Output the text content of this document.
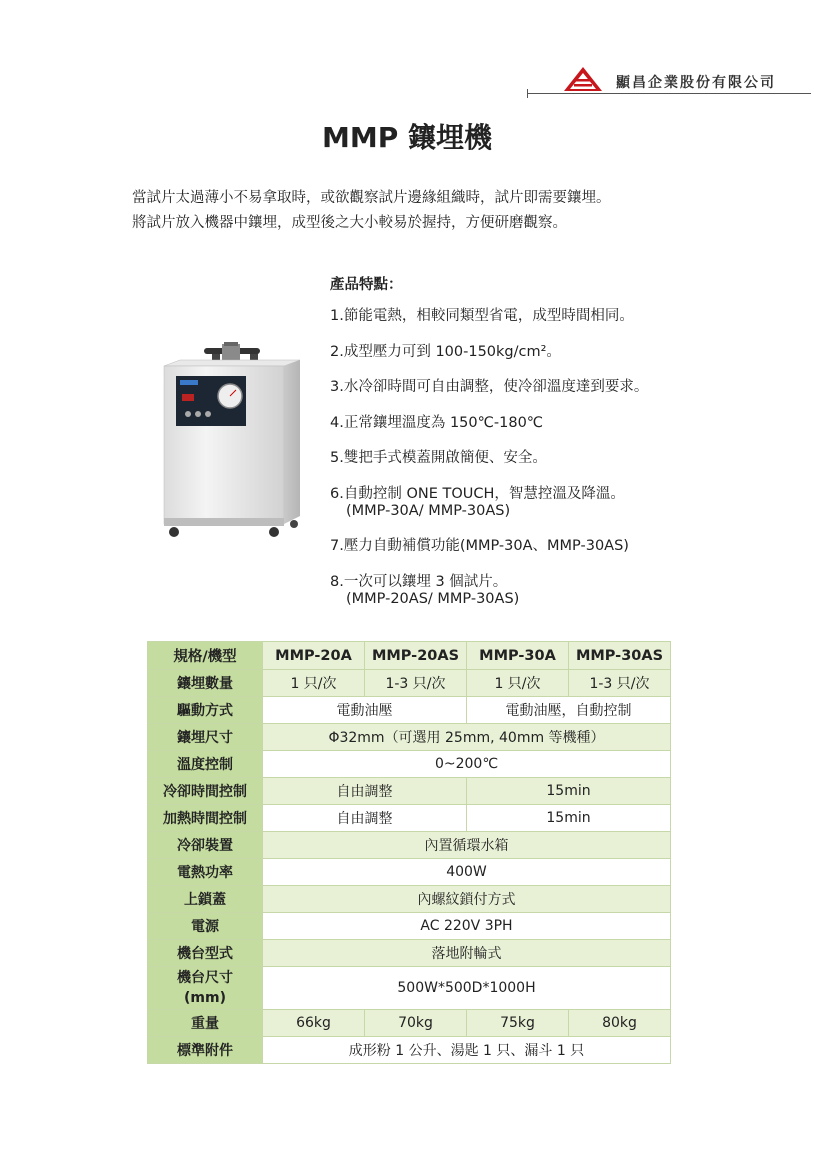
顯昌企業股份有限公司
MMP 鑲埋機
當試片太過薄小不易拿取時，或欲觀察試片邊緣組織時，試片即需要鑲埋。
將試片放入機器中鑲埋，成型後之大小較易於握持，方便研磨觀察。
產品特點：
1.節能電熱，相較同類型省電，成型時間相同。
2.成型壓力可到 100-150kg/cm²。
3.水冷卻時間可自由調整，使冷卻溫度達到要求。
4.正常鑲埋溫度為 150℃-180℃
5.雙把手式模蓋開啟簡便、安全。
6.自動控制 ONE TOUCH，智慧控溫及降溫。
(MMP-30A/ MMP-30AS)
7.壓力自動補償功能(MMP-30A、MMP-30AS)
8.一次可以鑲埋 3 個試片。
(MMP-20AS/ MMP-30AS)
規格/機型	MMP-20A	MMP-20AS	MMP-30A	MMP-30AS
鑲埋數量	1 只/次	1-3 只/次	1 只/次	1-3 只/次
驅動方式	電動油壓		電動油壓，自動控制	
鑲埋尺寸	Φ32mm（可選用 25mm, 40mm 等機種）			
溫度控制	0~200℃			
冷卻時間控制	自由調整		15min	
加熱時間控制	自由調整		15min	
冷卻裝置	內置循環水箱			
電熱功率	400W			
上鎖蓋	內螺紋鎖付方式			
電源	AC 220V 3PH			
機台型式	落地附輪式			
機台尺寸
(mm)	500W*500D*1000H			
重量	66kg	70kg	75kg	80kg
標準附件	成形粉 1 公升、湯匙 1 只、漏斗 1 只			
